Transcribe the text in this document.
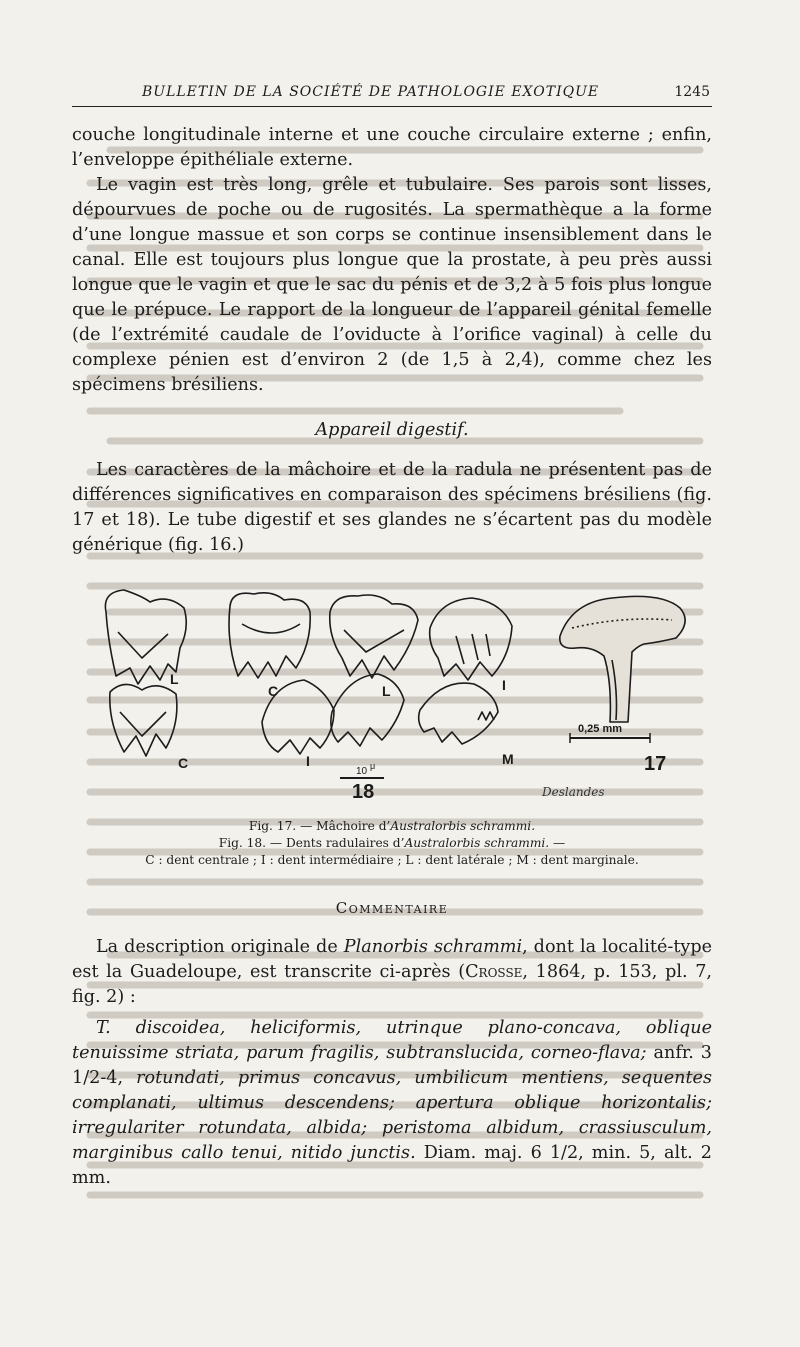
BULLETIN DE LA SOCIÉTÉ DE PATHOLOGIE EXOTIQUE	1245

couche longitudinale interne et une couche circulaire externe ; enfin, l’enveloppe épithéliale externe.

Le vagin est très long, grêle et tubulaire. Ses parois sont lisses, dépourvues de poche ou de rugosités. La spermathèque a la forme d’une longue massue et son corps se continue insensiblement dans le canal. Elle est toujours plus longue que la prostate, à peu près aussi longue que le vagin et que le sac du pénis et de 3,2 à 5 fois plus longue que le prépuce. Le rapport de la longueur de l’appareil génital femelle (de l’extrémité caudale de l’oviducte à l’orifice vaginal) à celle du complexe pénien est d’environ 2 (de 1,5 à 2,4), comme chez les spécimens brésiliens.

Appareil digestif.

Les caractères de la mâchoire et de la radula ne présentent pas de différences significatives en comparaison des spécimens brésiliens (fig. 17 et 18). Le tube digestif et ses glandes ne s’écartent pas du modèle générique (fig. 16.)

L
C	L	I
C	I	M
18
17
10 μ
0,25 mm
Deslandes
Fig. 17. — Mâchoire d’Australorbis schrammi.
Fig. 18. — Dents radulaires d’Australorbis schrammi. —
C : dent centrale ; I : dent intermédiaire ; L : dent latérale ; M : dent marginale.
Commentaire

La description originale de Planorbis schrammi, dont la localité-type est la Guadeloupe, est transcrite ci-après (Crosse, 1864, p. 153, pl. 7, fig. 2) :

T. discoidea, heliciformis, utrinque plano-concava, oblique tenuissime striata, parum fragilis, subtranslucida, corneo-flava; anfr. 3 1/2-4, rotundati, primus concavus, umbilicum mentiens, sequentes complanati, ultimus descendens; apertura oblique horizontalis; irregulariter rotundata, albida; peristoma albidum, crassiusculum, marginibus callo tenui, nitido junctis. Diam. maj. 6 1/2, min. 5, alt. 2 mm.
